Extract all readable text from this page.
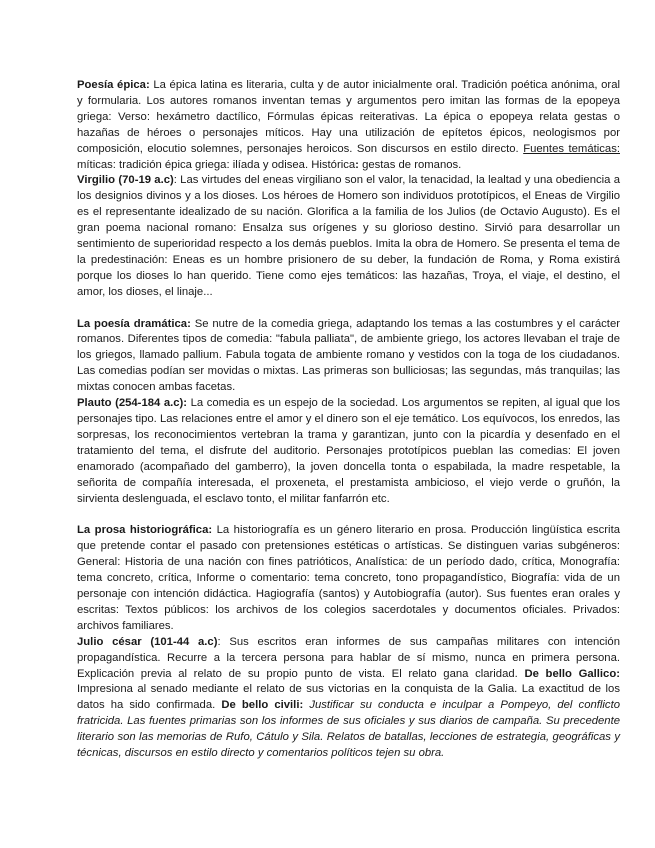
Poesía épica: La épica latina es literaria, culta y de autor inicialmente oral. Tradición poética anónima, oral y formularia. Los autores romanos inventan temas y argumentos pero imitan las formas de la epopeya griega: Verso: hexámetro dactílico, Fórmulas épicas reiterativas. La épica o epopeya relata gestas o hazañas de héroes o personajes míticos. Hay una utilización de epítetos épicos, neologismos por composición, elocutio solemnes, personajes heroicos. Son discursos en estilo directo. Fuentes temáticas: míticas: tradición épica griega: ilíada y odisea. Histórica: gestas de romanos.

Virgilio (70-19 a.c): Las virtudes del eneas virgiliano son el valor, la tenacidad, la lealtad y una obediencia a los designios divinos y a los dioses. Los héroes de Homero son individuos prototípicos, el Eneas de Virgilio es el representante idealizado de su nación. Glorifica a la familia de los Julios (de Octavio Augusto). Es el gran poema nacional romano: Ensalza sus orígenes y su glorioso destino. Sirvió para desarrollar un sentimiento de superioridad respecto a los demás pueblos. Imita la obra de Homero. Se presenta el tema de la predestinación: Eneas es un hombre prisionero de su deber, la fundación de Roma, y Roma existirá porque los dioses lo han querido. Tiene como ejes temáticos: las hazañas, Troya, el viaje, el destino, el amor, los dioses, el linaje...

La poesía dramática: Se nutre de la comedia griega, adaptando los temas a las costumbres y el carácter romanos. Diferentes tipos de comedia: "fabula palliata", de ambiente griego, los actores llevaban el traje de los griegos, llamado pallium. Fabula togata de ambiente romano y vestidos con la toga de los ciudadanos. Las comedias podían ser movidas o mixtas. Las primeras son bulliciosas; las segundas, más tranquilas; las mixtas conocen ambas facetas.

Plauto (254-184 a.c): La comedia es un espejo de la sociedad. Los argumentos se repiten, al igual que los personajes tipo. Las relaciones entre el amor y el dinero son el eje temático. Los equívocos, los enredos, las sorpresas, los reconocimientos vertebran la trama y garantizan, junto con la picardía y desenfado en el tratamiento del tema, el disfrute del auditorio. Personajes prototípicos pueblan las comedias: El joven enamorado (acompañado del gamberro), la joven doncella tonta o espabilada, la madre respetable, la señorita de compañía interesada, el proxeneta, el prestamista ambicioso, el viejo verde o gruñón, la sirvienta deslenguada, el esclavo tonto, el militar fanfarrón etc.

La prosa historiográfica: La historiografía es un género literario en prosa. Producción lingüística escrita que pretende contar el pasado con pretensiones estéticas o artísticas. Se distinguen varias subgéneros: General: Historia de una nación con fines patrióticos, Analística: de un período dado, crítica, Monografía: tema concreto, crítica, Informe o comentario: tema concreto, tono propagandístico, Biografía: vida de un personaje con intención didáctica. Hagiografía (santos) y Autobiografía (autor). Sus fuentes eran orales y escritas: Textos públicos: los archivos de los colegios sacerdotales y documentos oficiales. Privados: archivos familiares.

Julio césar (101-44 a.c): Sus escritos eran informes de sus campañas militares con intención propagandística. Recurre a la tercera persona para hablar de sí mismo, nunca en primera persona. Explicación previa al relato de su propio punto de vista. El relato gana claridad. De bello Gallico: Impresiona al senado mediante el relato de sus victorias en la conquista de la Galia. La exactitud de los datos ha sido confirmada. De bello civili: Justificar su conducta e inculpar a Pompeyo, del conflicto fratricida. Las fuentes primarias son los informes de sus oficiales y sus diarios de campaña. Su precedente literario son las memorias de Rufo, Cátulo y Sila. Relatos de batallas, lecciones de estrategia, geográficas y técnicas, discursos en estilo directo y comentarios políticos tejen su obra.
